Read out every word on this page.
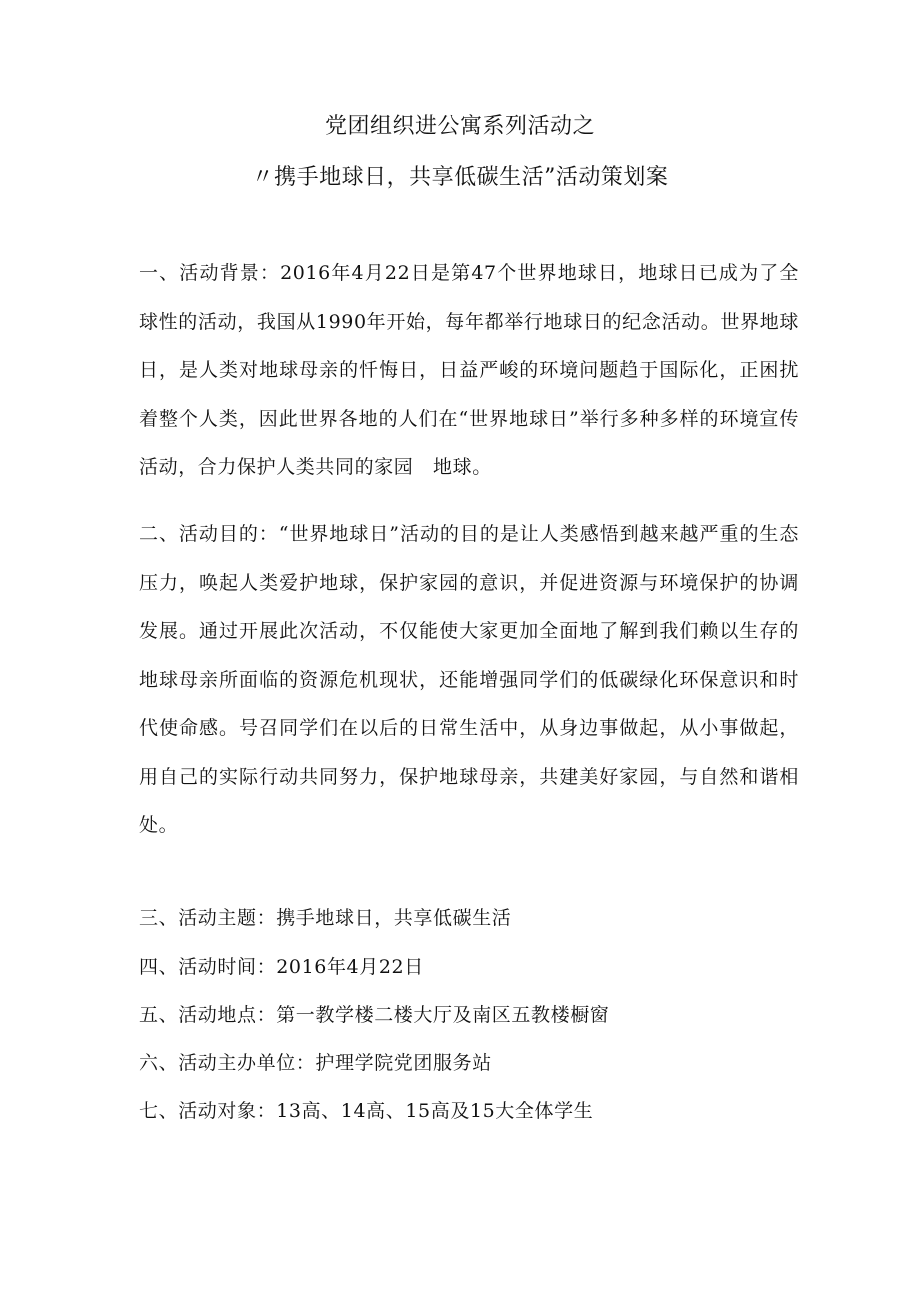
党团组织进公寓系列活动之
〃携手地球日，共享低碳生活”活动策划案
一、活动背景：2016年4月22日是第47个世界地球日，地球日已成为了全球性的活动，我国从1990年开始，每年都举行地球日的纪念活动。世界地球日，是人类对地球母亲的忏悔日，日益严峻的环境问题趋于国际化，正困扰着整个人类，因此世界各地的人们在“世界地球日”举行多种多样的环境宣传活动，合力保护人类共同的家园　地球。
二、活动目的：“世界地球日”活动的目的是让人类感悟到越来越严重的生态压力，唤起人类爱护地球，保护家园的意识，并促进资源与环境保护的协调发展。通过开展此次活动，不仅能使大家更加全面地了解到我们赖以生存的地球母亲所面临的资源危机现状，还能增强同学们的低碳绿化环保意识和时代使命感。号召同学们在以后的日常生活中，从身边事做起，从小事做起，用自己的实际行动共同努力，保护地球母亲，共建美好家园，与自然和谐相处。
三、活动主题：携手地球日，共享低碳生活
四、活动时间：2016年4月22日
五、活动地点：第一教学楼二楼大厅及南区五教楼橱窗
六、活动主办单位：护理学院党团服务站
七、活动对象：13高、14高、15高及15大全体学生
